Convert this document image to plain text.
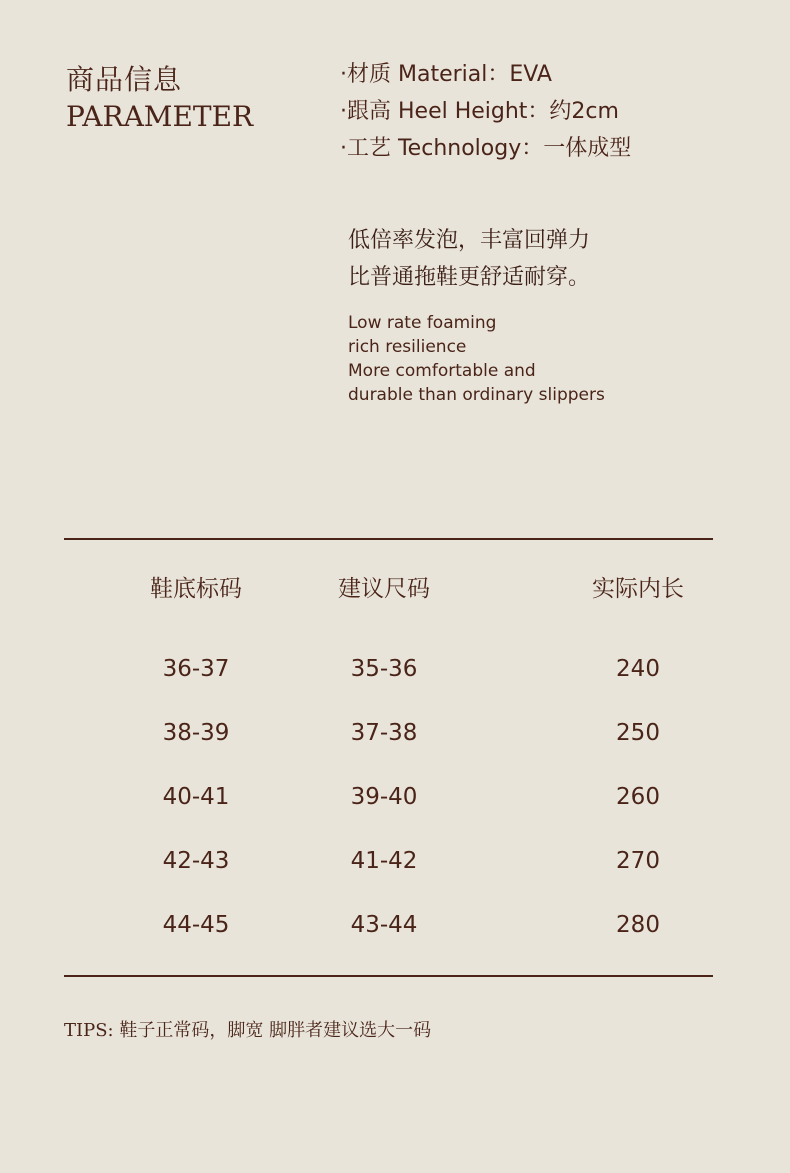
商品信息
PARAMETER
·材质 Material：EVA
·跟高 Heel Height：约2cm
·工艺 Technology：一体成型
低倍率发泡，丰富回弹力
比普通拖鞋更舒适耐穿。
Low rate foaming
rich resilience
More comfortable and
durable than ordinary slippers
鞋底标码	建议尺码	实际内长
36-37	35-36	240
38-39	37-38	250
40-41	39-40	260
42-43	41-42	270
44-45	43-44	280
TIPS: 鞋子正常码，脚宽 脚胖者建议选大一码
